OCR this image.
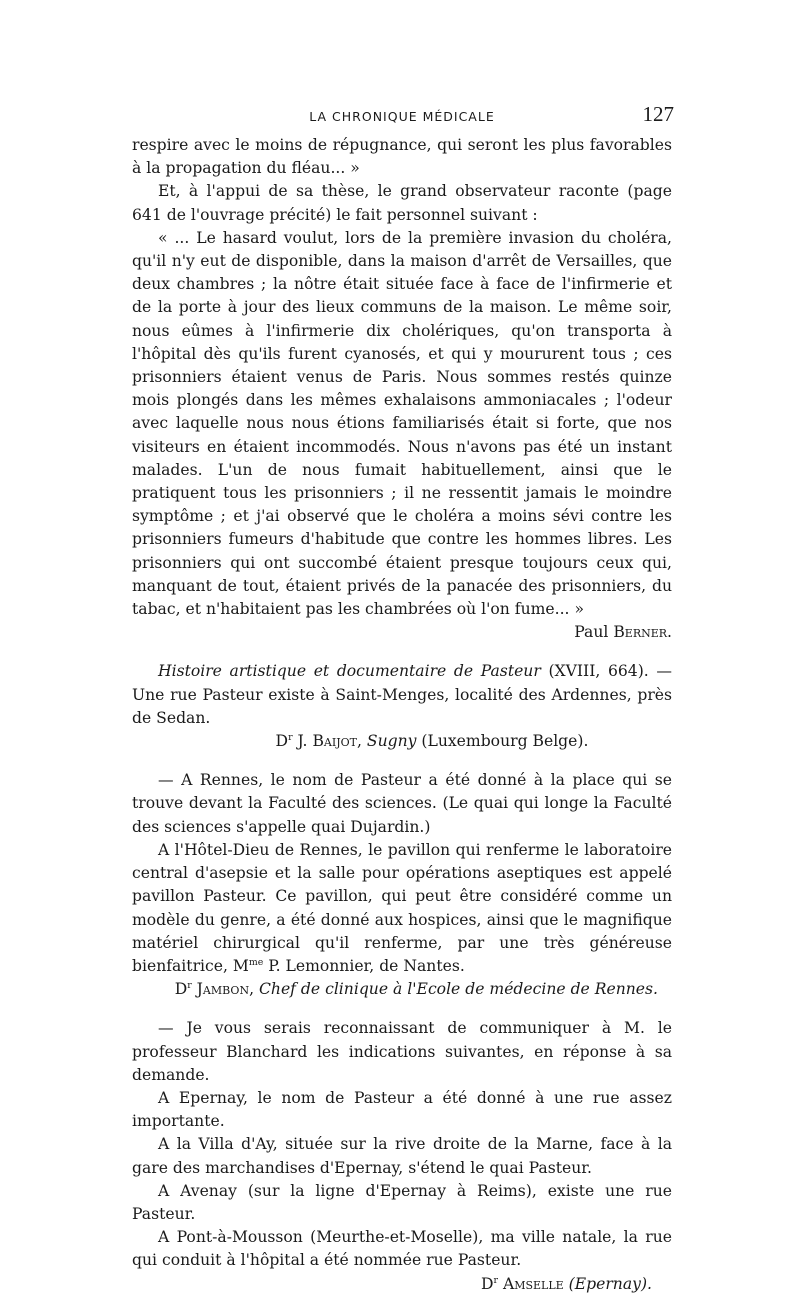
LA CHRONIQUE MÉDICALE	127

respire avec le moins de répugnance, qui seront les plus favorables à la propagation du fléau... »

Et, à l'appui de sa thèse, le grand observateur raconte (page 641 de l'ouvrage précité) le fait personnel suivant :

« ... Le hasard voulut, lors de la première invasion du choléra, qu'il n'y eut de disponible, dans la maison d'arrêt de Versailles, que deux chambres ; la nôtre était située face à face de l'infirmerie et de la porte à jour des lieux communs de la maison. Le même soir, nous eûmes à l'infirmerie dix cholériques, qu'on transporta à l'hôpital dès qu'ils furent cyanosés, et qui y moururent tous ; ces prisonniers étaient venus de Paris. Nous sommes restés quinze mois plongés dans les mêmes exhalaisons ammoniacales ; l'odeur avec laquelle nous nous étions familiarisés était si forte, que nos visiteurs en étaient incommodés. Nous n'avons pas été un instant malades. L'un de nous fumait habituellement, ainsi que le pratiquent tous les prisonniers ; il ne ressentit jamais le moindre symptôme ; et j'ai observé que le choléra a moins sévi contre les prisonniers fumeurs d'habitude que contre les hommes libres. Les prisonniers qui ont succombé étaient presque toujours ceux qui, manquant de tout, étaient privés de la panacée des prisonniers, du tabac, et n'habitaient pas les chambrées où l'on fume... »

Paul Berner.

Histoire artistique et documentaire de Pasteur (XVIII, 664). — Une rue Pasteur existe à Saint-Menges, localité des Ardennes, près de Sedan.

$D^r$ J. Baijot, Sugny (Luxembourg Belge).

— A Rennes, le nom de Pasteur a été donné à la place qui se trouve devant la Faculté des sciences. (Le quai qui longe la Faculté des sciences s'appelle quai Dujardin.)

A l'Hôtel-Dieu de Rennes, le pavillon qui renferme le laboratoire central d'asepsie et la salle pour opérations aseptiques est appelé pavillon Pasteur. Ce pavillon, qui peut être considéré comme un modèle du genre, a été donné aux hospices, ainsi que le magnifique matériel chirurgical qu'il renferme, par une très généreuse bienfaitrice, $M^{me}$ P. Lemonnier, de Nantes.

$D^r$ Jambon, Chef de clinique à l'Ecole de médecine de Rennes.

— Je vous serais reconnaissant de communiquer à M. le professeur Blanchard les indications suivantes, en réponse à sa demande.

A Epernay, le nom de Pasteur a été donné à une rue assez importante.

A la Villa d'Ay, située sur la rive droite de la Marne, face à la gare des marchandises d'Epernay, s'étend le quai Pasteur.

A Avenay (sur la ligne d'Epernay à Reims), existe une rue Pasteur.

A Pont-à-Mousson (Meurthe-et-Moselle), ma ville natale, la rue qui conduit à l'hôpital a été nommée rue Pasteur.

$D^r$ Amselle (Epernay).
